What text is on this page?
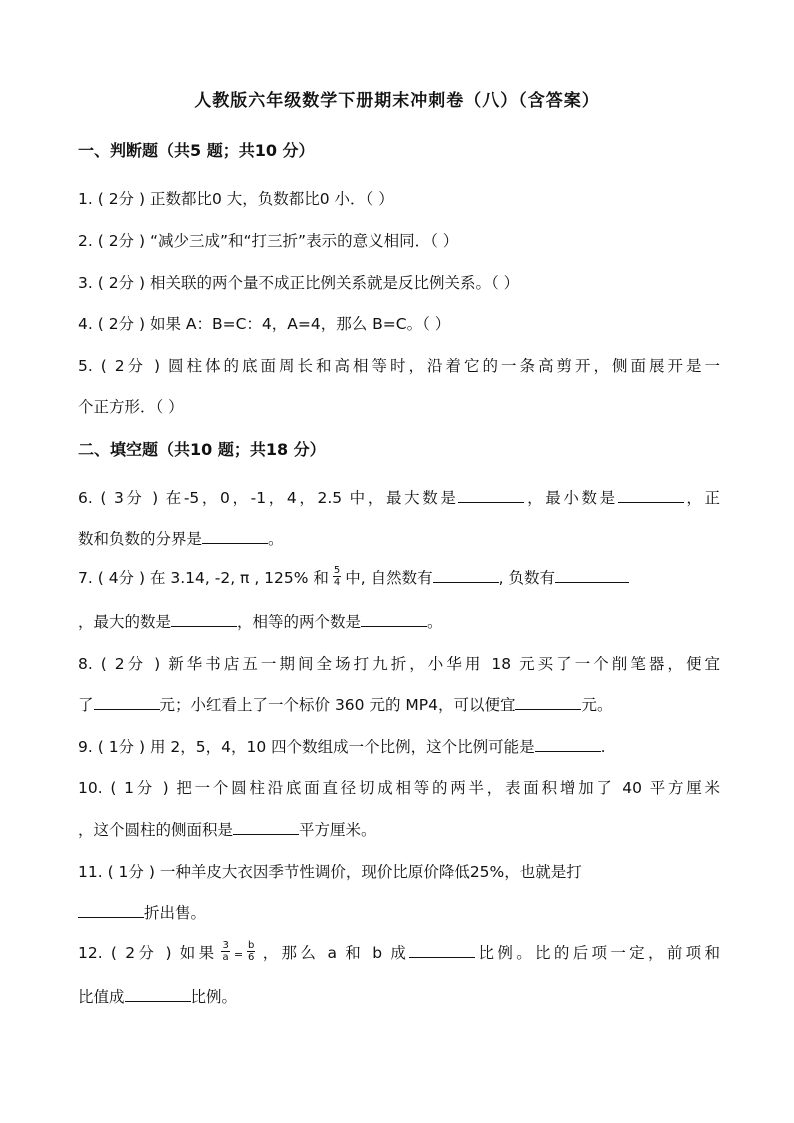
人教版六年级数学下册期末冲刺卷（八）（含答案）
一、判断题（共5 题；共10 分）
1. ( 2分 ) 正数都比0 大，负数都比0 小．（ ）
2. ( 2分 ) “减少三成”和“打三折”表示的意义相同．（ ）
3. ( 2分 ) 相关联的两个量不成正比例关系就是反比例关系。（ ）
4. ( 2分 ) 如果 A：B=C：4，A=4，那么 B=C。（ ）
5. ( 2分 ) 圆柱体的底面周长和高相等时，沿着它的一条高剪开，侧面展开是一
个正方形．（ ）
二、填空题（共10 题；共18 分）
6. ( 3分 ) 在-5，0，-1，4，2.5 中，最大数是	，最小数是	，正
数和负数的分界是	。
7. ( 4分 ) 在 3.14, -2, π , 125% 和 $\frac{5}{4}$ 中, 自然数有	, 负数有
，最大的数是	，相等的两个数是	。
8. ( 2分 ) 新华书店五一期间全场打九折，小华用 18 元买了一个削笔器，便宜
了	元；小红看上了一个标价 360 元的 MP4，可以便宜	元。
9. ( 1分 ) 用 2，5，4，10 四个数组成一个比例，这个比例可能是	.
10. ( 1分 ) 把一个圆柱沿底面直径切成相等的两半，表面积增加了 40 平方厘米
，这个圆柱的侧面积是	平方厘米。
11. ( 1分 ) 一种羊皮大衣因季节性调价，现价比原价降低25%，也就是打
折出售。
12. ( 2分 ) 如果 $\frac{3}{a} = \frac{b}{6}$ ，那么 a 和 b 成	比例。比的后项一定，前项和
比值成	比例。
